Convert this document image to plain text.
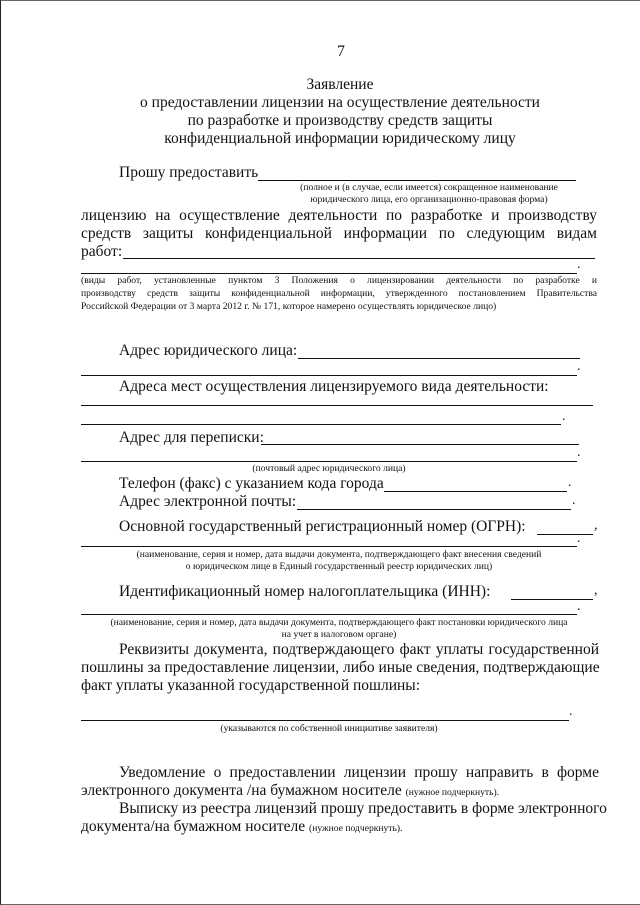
7
Заявление
о предоставлении лицензии на осуществление деятельности
по разработке и производству средств защиты
конфиденциальной информации юридическому лицу
Прошу предоставить
(полное и (в случае, если имеется) сокращенное наименование
юридического лица, его организационно-правовая форма)
лицензию на осуществление деятельности по разработке и производству
средств защиты конфиденциальной информации по следующим видам
работ:
.
(виды работ, установленные пунктом 3 Положения о лицензировании деятельности по разработке и
производству средств защиты конфиденциальной информации, утвержденного постановлением Правительства
Российской Федерации от 3 марта 2012 г. № 171, которое намерено осуществлять юридическое лицо)
Адрес юридического лица:
.
Адреса мест осуществления лицензируемого вида деятельности:
.
Адрес для переписки:
.
(почтовый адрес юридического лица)
Телефон (факс) с указанием кода города	.
Адрес электронной почты:	.
Основной государственный регистрационный номер (ОГРН):	,
.
(наименование, серия и номер, дата выдачи документа, подтверждающего факт внесения сведений
о юридическом лице в Единый государственный реестр юридических лиц)
Идентификационный номер налогоплательщика (ИНН):	,
.
(наименование, серия и номер, дата выдачи документа, подтверждающего факт постановки юридического лица
на учет в налоговом органе)
Реквизиты документа, подтверждающего факт уплаты государственной
пошлины за предоставление лицензии, либо иные сведения, подтверждающие
факт уплаты указанной государственной пошлины:
.
(указываются по собственной инициативе заявителя)
Уведомление о предоставлении лицензии прошу направить в форме
электронного документа /на бумажном носителе (нужное подчеркнуть).
Выписку из реестра лицензий прошу предоставить в форме электронного
документа/на бумажном носителе (нужное подчеркнуть).
